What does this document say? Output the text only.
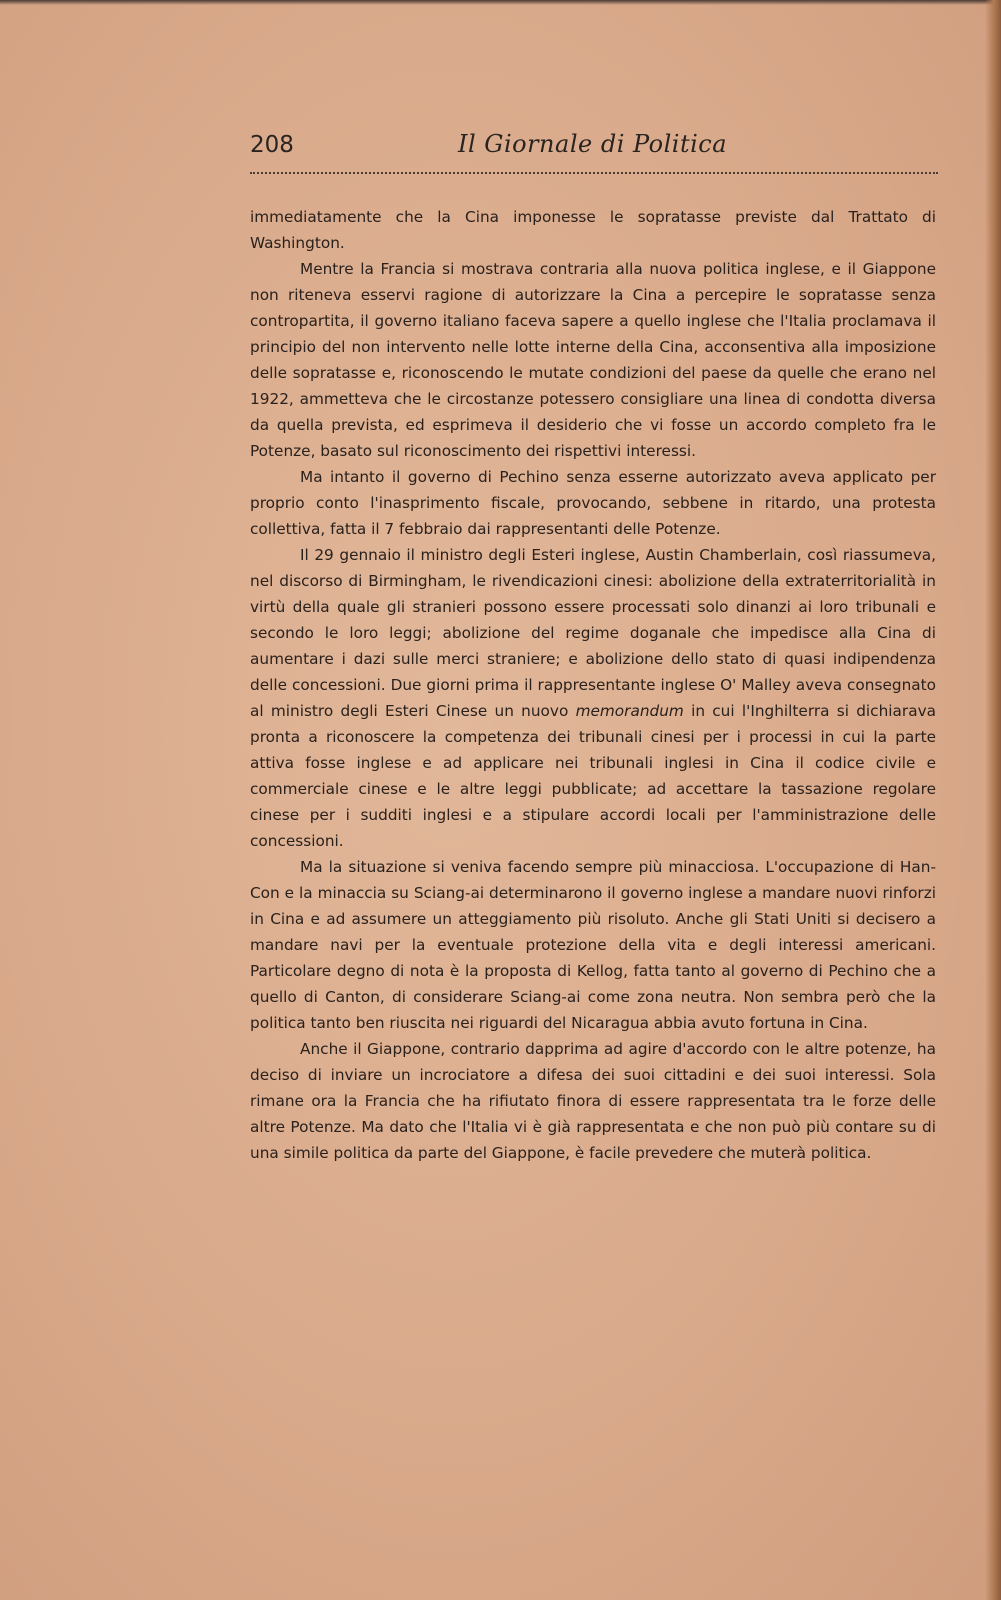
208	Il Giornale di Politica

immediatamente che la Cina imponesse le sopratasse previste dal Trattato di Washington.

Mentre la Francia si mostrava contraria alla nuova politica inglese, e il Giappone non riteneva esservi ragione di autorizzare la Cina a percepire le sopratasse senza contropartita, il governo italiano faceva sapere a quello inglese che l'Italia proclamava il principio del non intervento nelle lotte interne della Cina, acconsentiva alla imposizione delle sopratasse e, riconoscendo le mutate condizioni del paese da quelle che erano nel 1922, ammetteva che le circostanze potessero consigliare una linea di condotta diversa da quella prevista, ed esprimeva il desiderio che vi fosse un accordo completo fra le Potenze, basato sul riconoscimento dei rispettivi interessi.

Ma intanto il governo di Pechino senza esserne autorizzato aveva applicato per proprio conto l'inasprimento fiscale, provocando, sebbene in ritardo, una protesta collettiva, fatta il 7 febbraio dai rappresentanti delle Potenze.

Il 29 gennaio il ministro degli Esteri inglese, Austin Chamberlain, così riassumeva, nel discorso di Birmingham, le rivendicazioni cinesi: abolizione della extraterritorialità in virtù della quale gli stranieri possono essere processati solo dinanzi ai loro tribunali e secondo le loro leggi; abolizione del regime doganale che impedisce alla Cina di aumentare i dazi sulle merci straniere; e abolizione dello stato di quasi indipendenza delle concessioni. Due giorni prima il rappresentante inglese O' Malley aveva consegnato al ministro degli Esteri Cinese un nuovo memorandum in cui l'Inghilterra si dichiarava pronta a riconoscere la competenza dei tribunali cinesi per i processi in cui la parte attiva fosse inglese e ad applicare nei tribunali inglesi in Cina il codice civile e commerciale cinese e le altre leggi pubblicate; ad accettare la tassazione regolare cinese per i sudditi inglesi e a stipulare accordi locali per l'amministrazione delle concessioni.

Ma la situazione si veniva facendo sempre più minacciosa. L'occupazione di Han-Con e la minaccia su Sciang-ai determinarono il governo inglese a mandare nuovi rinforzi in Cina e ad assumere un atteggiamento più risoluto. Anche gli Stati Uniti si decisero a mandare navi per la eventuale protezione della vita e degli interessi americani. Particolare degno di nota è la proposta di Kellog, fatta tanto al governo di Pechino che a quello di Canton, di considerare Sciang-ai come zona neutra. Non sembra però che la politica tanto ben riuscita nei riguardi del Nicaragua abbia avuto fortuna in Cina.

Anche il Giappone, contrario dapprima ad agire d'accordo con le altre potenze, ha deciso di inviare un incrociatore a difesa dei suoi cittadini e dei suoi interessi. Sola rimane ora la Francia che ha rifiutato finora di essere rappresentata tra le forze delle altre Potenze. Ma dato che l'Italia vi è già rappresentata e che non può più contare su di una simile politica da parte del Giappone, è facile prevedere che muterà politica.
